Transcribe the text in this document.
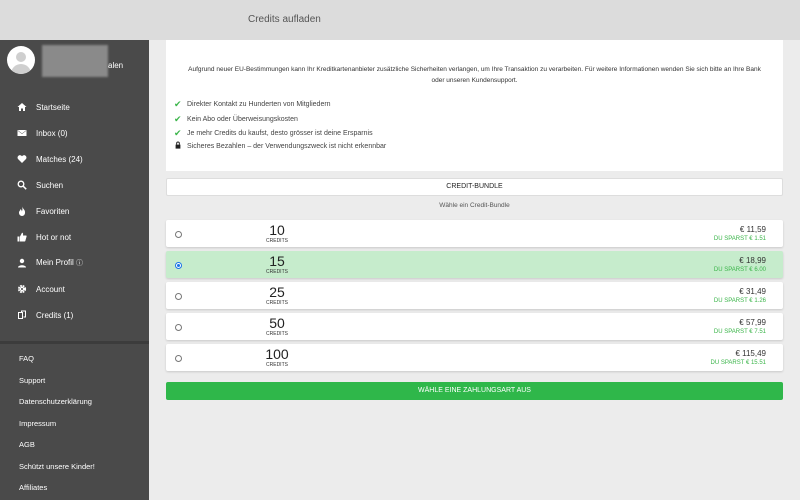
Credits aufladen
alen
Startseite
Inbox (0)
Matches (24)
Suchen
Favoriten
Hot or not
Mein Profil ⓘ
Account
Credits (1)
FAQ
Support
Datenschutzerklärung
Impressum
AGB
Schützt unsere Kinder!
Affiliates
Aufgrund neuer EU-Bestimmungen kann Ihr Kreditkartenanbieter zusätzliche Sicherheiten verlangen, um Ihre Transaktion zu verarbeiten. Für weitere Informationen wenden Sie sich bitte an Ihre Bank oder unseren Kundensupport.
✔ Direkter Kontakt zu Hunderten von Mitgliedern
✔ Kein Abo oder Überweisungskosten
✔ Je mehr Credits du kaufst, desto grösser ist deine Ersparnis
Sicheres Bezahlen – der Verwendungszweck ist nicht erkennbar
CREDIT-BUNDLE
Wähle ein Credit-Bundle
10
CREDITS
€ 11,59
DU SPARST € 1.51
15
CREDITS
€ 18,99
DU SPARST € 6.00
25
CREDITS
€ 31,49
DU SPARST € 1.26
50
CREDITS
€ 57,99
DU SPARST € 7.51
100
CREDITS
€ 115,49
DU SPARST € 15.51
WÄHLE EINE ZAHLUNGSART AUS
